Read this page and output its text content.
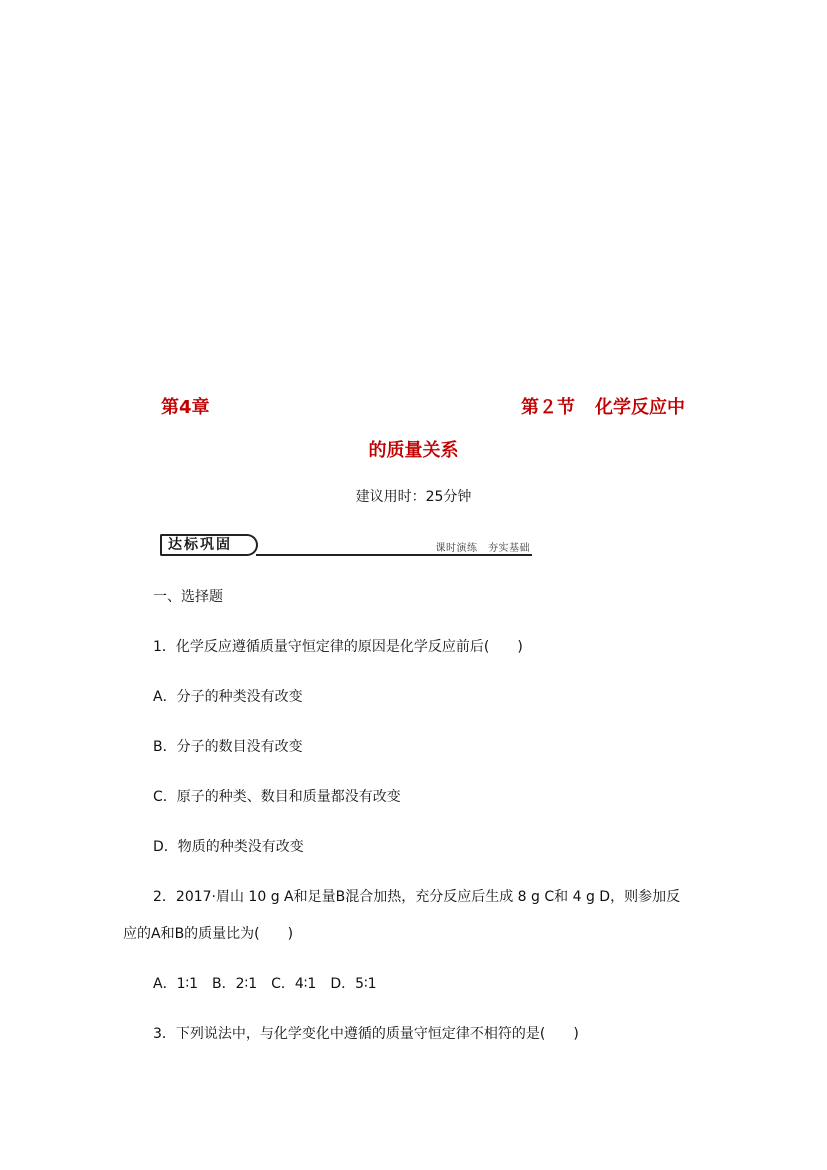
第4章	第２节 化学反应中
的质量关系
建议用时：25分钟
达标巩固	课时演练　夯实基础
一、选择题
1．化学反应遵循质量守恒定律的原因是化学反应前后(　　)
A．分子的种类没有改变
B．分子的数目没有改变
C．原子的种类、数目和质量都没有改变
D．物质的种类没有改变
2．2017·眉山 10 g A和足量B混合加热，充分反应后生成 8 g C和 4 g D，则参加反
应的A和B的质量比为(　　)
A．1∶1　B．2∶1　C．4∶1　D．5∶1
3．下列说法中，与化学变化中遵循的质量守恒定律不相符的是(　　)
